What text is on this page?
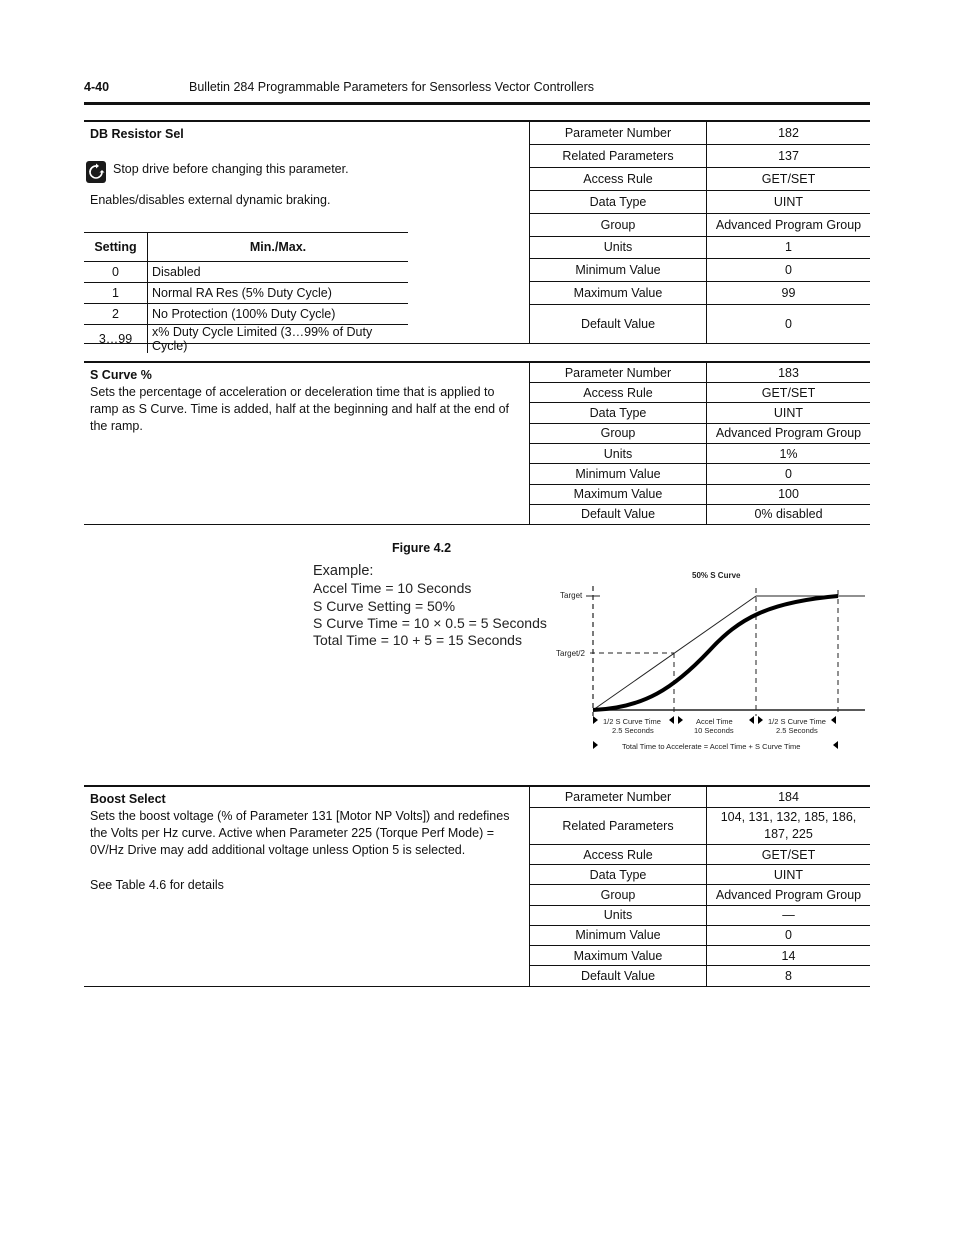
4-40	Bulletin 284 Programmable Parameters for Sensorless Vector Controllers
DB Resistor Sel
Stop drive before changing this parameter.
Enables/disables external dynamic braking.
Setting	Min./Max.
0	Disabled
1	Normal RA Res (5% Duty Cycle)
2	No Protection (100% Duty Cycle)
3…99	x% Duty Cycle Limited (3…99% of Duty Cycle)
Parameter Number	182
Related Parameters	137
Access Rule	GET/SET
Data Type	UINT
Group	Advanced Program Group
Units	1
Minimum Value	0
Maximum Value	99
Default Value	0
S Curve %
Sets the percentage of acceleration or deceleration time that is applied to ramp as S Curve. Time is added, half at the beginning and half at the end of the ramp.
Parameter Number	183
Access Rule	GET/SET
Data Type	UINT
Group	Advanced Program Group
Units	1%
Minimum Value	0
Maximum Value	100
Default Value	0% disabled
Figure 4.2
Example:
Accel Time = 10 Seconds
S Curve Setting = 50%
S Curve Time = 10 × 0.5 = 5 Seconds
Total Time = 10 + 5 = 15 Seconds
50% S Curve
Target
Target/2
1/2 S Curve Time
2.5 Seconds
Accel Time
10 Seconds
1/2 S Curve Time
2.5 Seconds
Total Time to Accelerate = Accel Time + S Curve Time
Boost Select
Sets the boost voltage (% of Parameter 131 [Motor NP Volts]) and redefines the Volts per Hz curve. Active when Parameter 225 (Torque Perf Mode) = 0V/Hz Drive may add additional voltage unless Option 5 is selected.
See Table 4.6 for details
Parameter Number	184
Related Parameters	104, 131, 132, 185, 186, 187, 225
Access Rule	GET/SET
Data Type	UINT
Group	Advanced Program Group
Units	—
Minimum Value	0
Maximum Value	14
Default Value	8
